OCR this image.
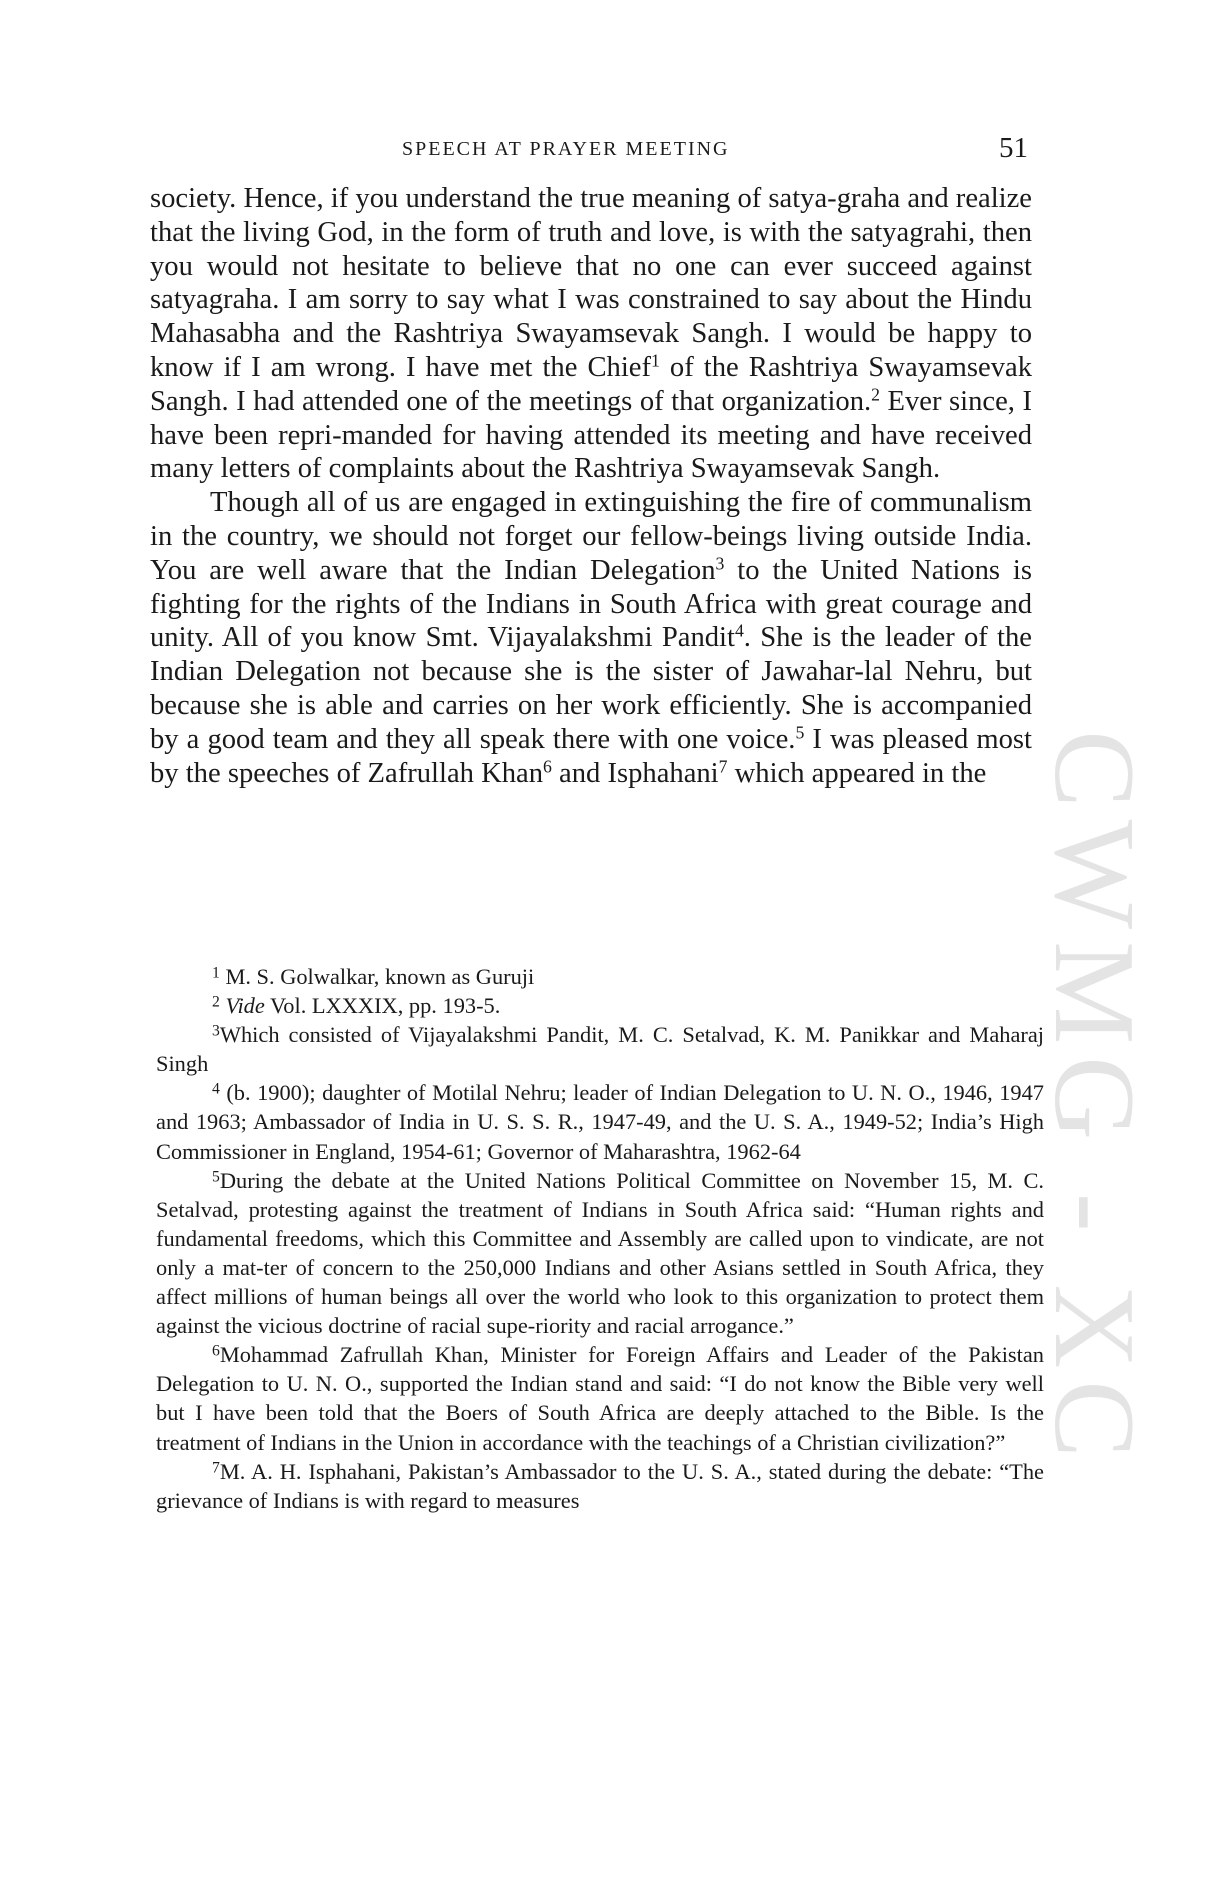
CWMG - XC
SPEECH AT PRAYER MEETING	51

society. Hence, if you understand the true meaning of satya-graha and realize that the living God, in the form of truth and love, is with the satyagrahi, then you would not hesitate to believe that no one can ever succeed against satyagraha. I am sorry to say what I was constrained to say about the Hindu Mahasabha and the Rashtriya Swayamsevak Sangh. I would be happy to know if I am wrong. I have met the Chief$^1$ of the Rashtriya Swayamsevak Sangh. I had attended one of the meetings of that organization.$^2$ Ever since, I have been repri-manded for having attended its meeting and have received many letters of complaints about the Rashtriya Swayamsevak Sangh.

Though all of us are engaged in extinguishing the fire of communalism in the country, we should not forget our fellow-beings living outside India. You are well aware that the Indian Delegation$^3$ to the United Nations is fighting for the rights of the Indians in South Africa with great courage and unity. All of you know Smt. Vijayalakshmi Pandit$^4$. She is the leader of the Indian Delegation not because she is the sister of Jawahar-lal Nehru, but because she is able and carries on her work efficiently. She is accompanied by a good team and they all speak there with one voice.$^5$ I was pleased most by the speeches of Zafrullah Khan$^6$ and Isphahani$^7$ which appeared in the

$^1$ M. S. Golwalkar, known as Guruji

$^2$ Vide Vol. LXXXIX, pp. 193-5.

$^3$Which consisted of Vijayalakshmi Pandit, M. C. Setalvad, K. M. Panikkar and Maharaj Singh

$^4$ (b. 1900); daughter of Motilal Nehru; leader of Indian Delegation to U. N. O., 1946, 1947 and 1963; Ambassador of India in U. S. S. R., 1947-49, and the U. S. A., 1949-52; India’s High Commissioner in England, 1954-61; Governor of Maharashtra, 1962-64

$^5$During the debate at the United Nations Political Committee on November 15, M. C. Setalvad, protesting against the treatment of Indians in South Africa said: “Human rights and fundamental freedoms, which this Committee and Assembly are called upon to vindicate, are not only a mat-ter of concern to the 250,000 Indians and other Asians settled in South Africa, they affect millions of human beings all over the world who look to this organization to protect them against the vicious doctrine of racial supe-riority and racial arrogance.”

$^6$Mohammad Zafrullah Khan, Minister for Foreign Affairs and Leader of the Pakistan Delegation to U. N. O., supported the Indian stand and said: “I do not know the Bible very well but I have been told that the Boers of South Africa are deeply attached to the Bible. Is the treatment of Indians in the Union in accordance with the teachings of a Christian civilization?”

$^7$M. A. H. Isphahani, Pakistan’s Ambassador to the U. S. A., stated during the debate: “The grievance of Indians is with regard to measures
